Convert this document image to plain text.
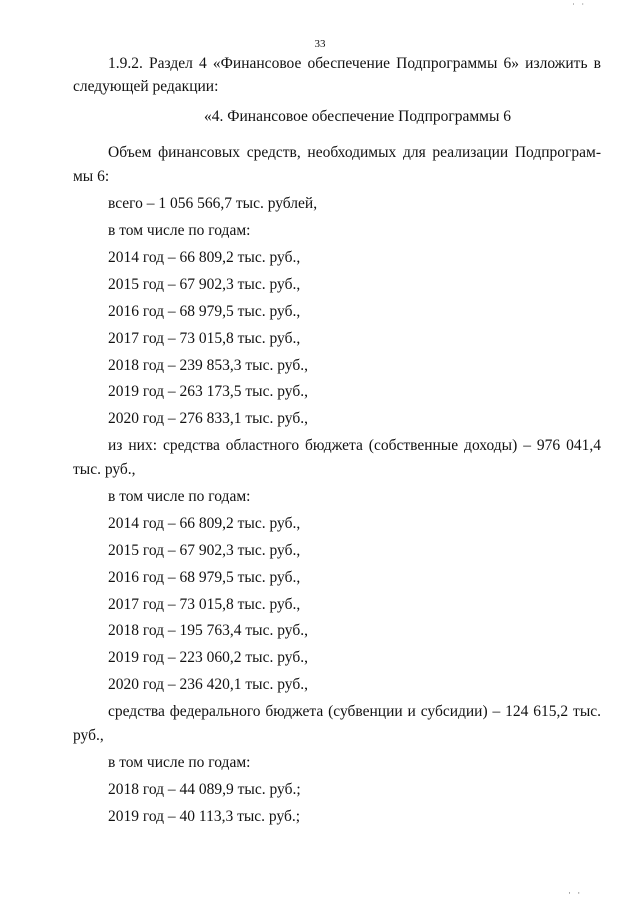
33
1.9.2. Раздел 4 «Финансовое обеспечение Подпрограммы 6» изложить в
следующей редакции:
«4. Финансовое обеспечение Подпрограммы 6
Объем финансовых средств, необходимых для реализации Подпрограм-
мы 6:
всего – 1 056 566,7 тыс. рублей,
в том числе по годам:
2014 год – 66 809,2 тыс. руб.,
2015 год – 67 902,3 тыс. руб.,
2016 год – 68 979,5 тыс. руб.,
2017 год – 73 015,8 тыс. руб.,
2018 год – 239 853,3 тыс. руб.,
2019 год – 263 173,5 тыс. руб.,
2020 год – 276 833,1 тыс. руб.,
из них: средства областного бюджета (собственные доходы) – 976 041,4
тыс. руб.,
в том числе по годам:
2014 год – 66 809,2 тыс. руб.,
2015 год – 67 902,3 тыс. руб.,
2016 год – 68 979,5 тыс. руб.,
2017 год – 73 015,8 тыс. руб.,
2018 год – 195 763,4 тыс. руб.,
2019 год – 223 060,2 тыс. руб.,
2020 год – 236 420,1 тыс. руб.,
средства федерального бюджета (субвенции и субсидии) – 124 615,2 тыс.
руб.,
в том числе по годам:
2018 год – 44 089,9 тыс. руб.;
2019 год – 40 113,3 тыс. руб.;
˙ ˙
· ·
